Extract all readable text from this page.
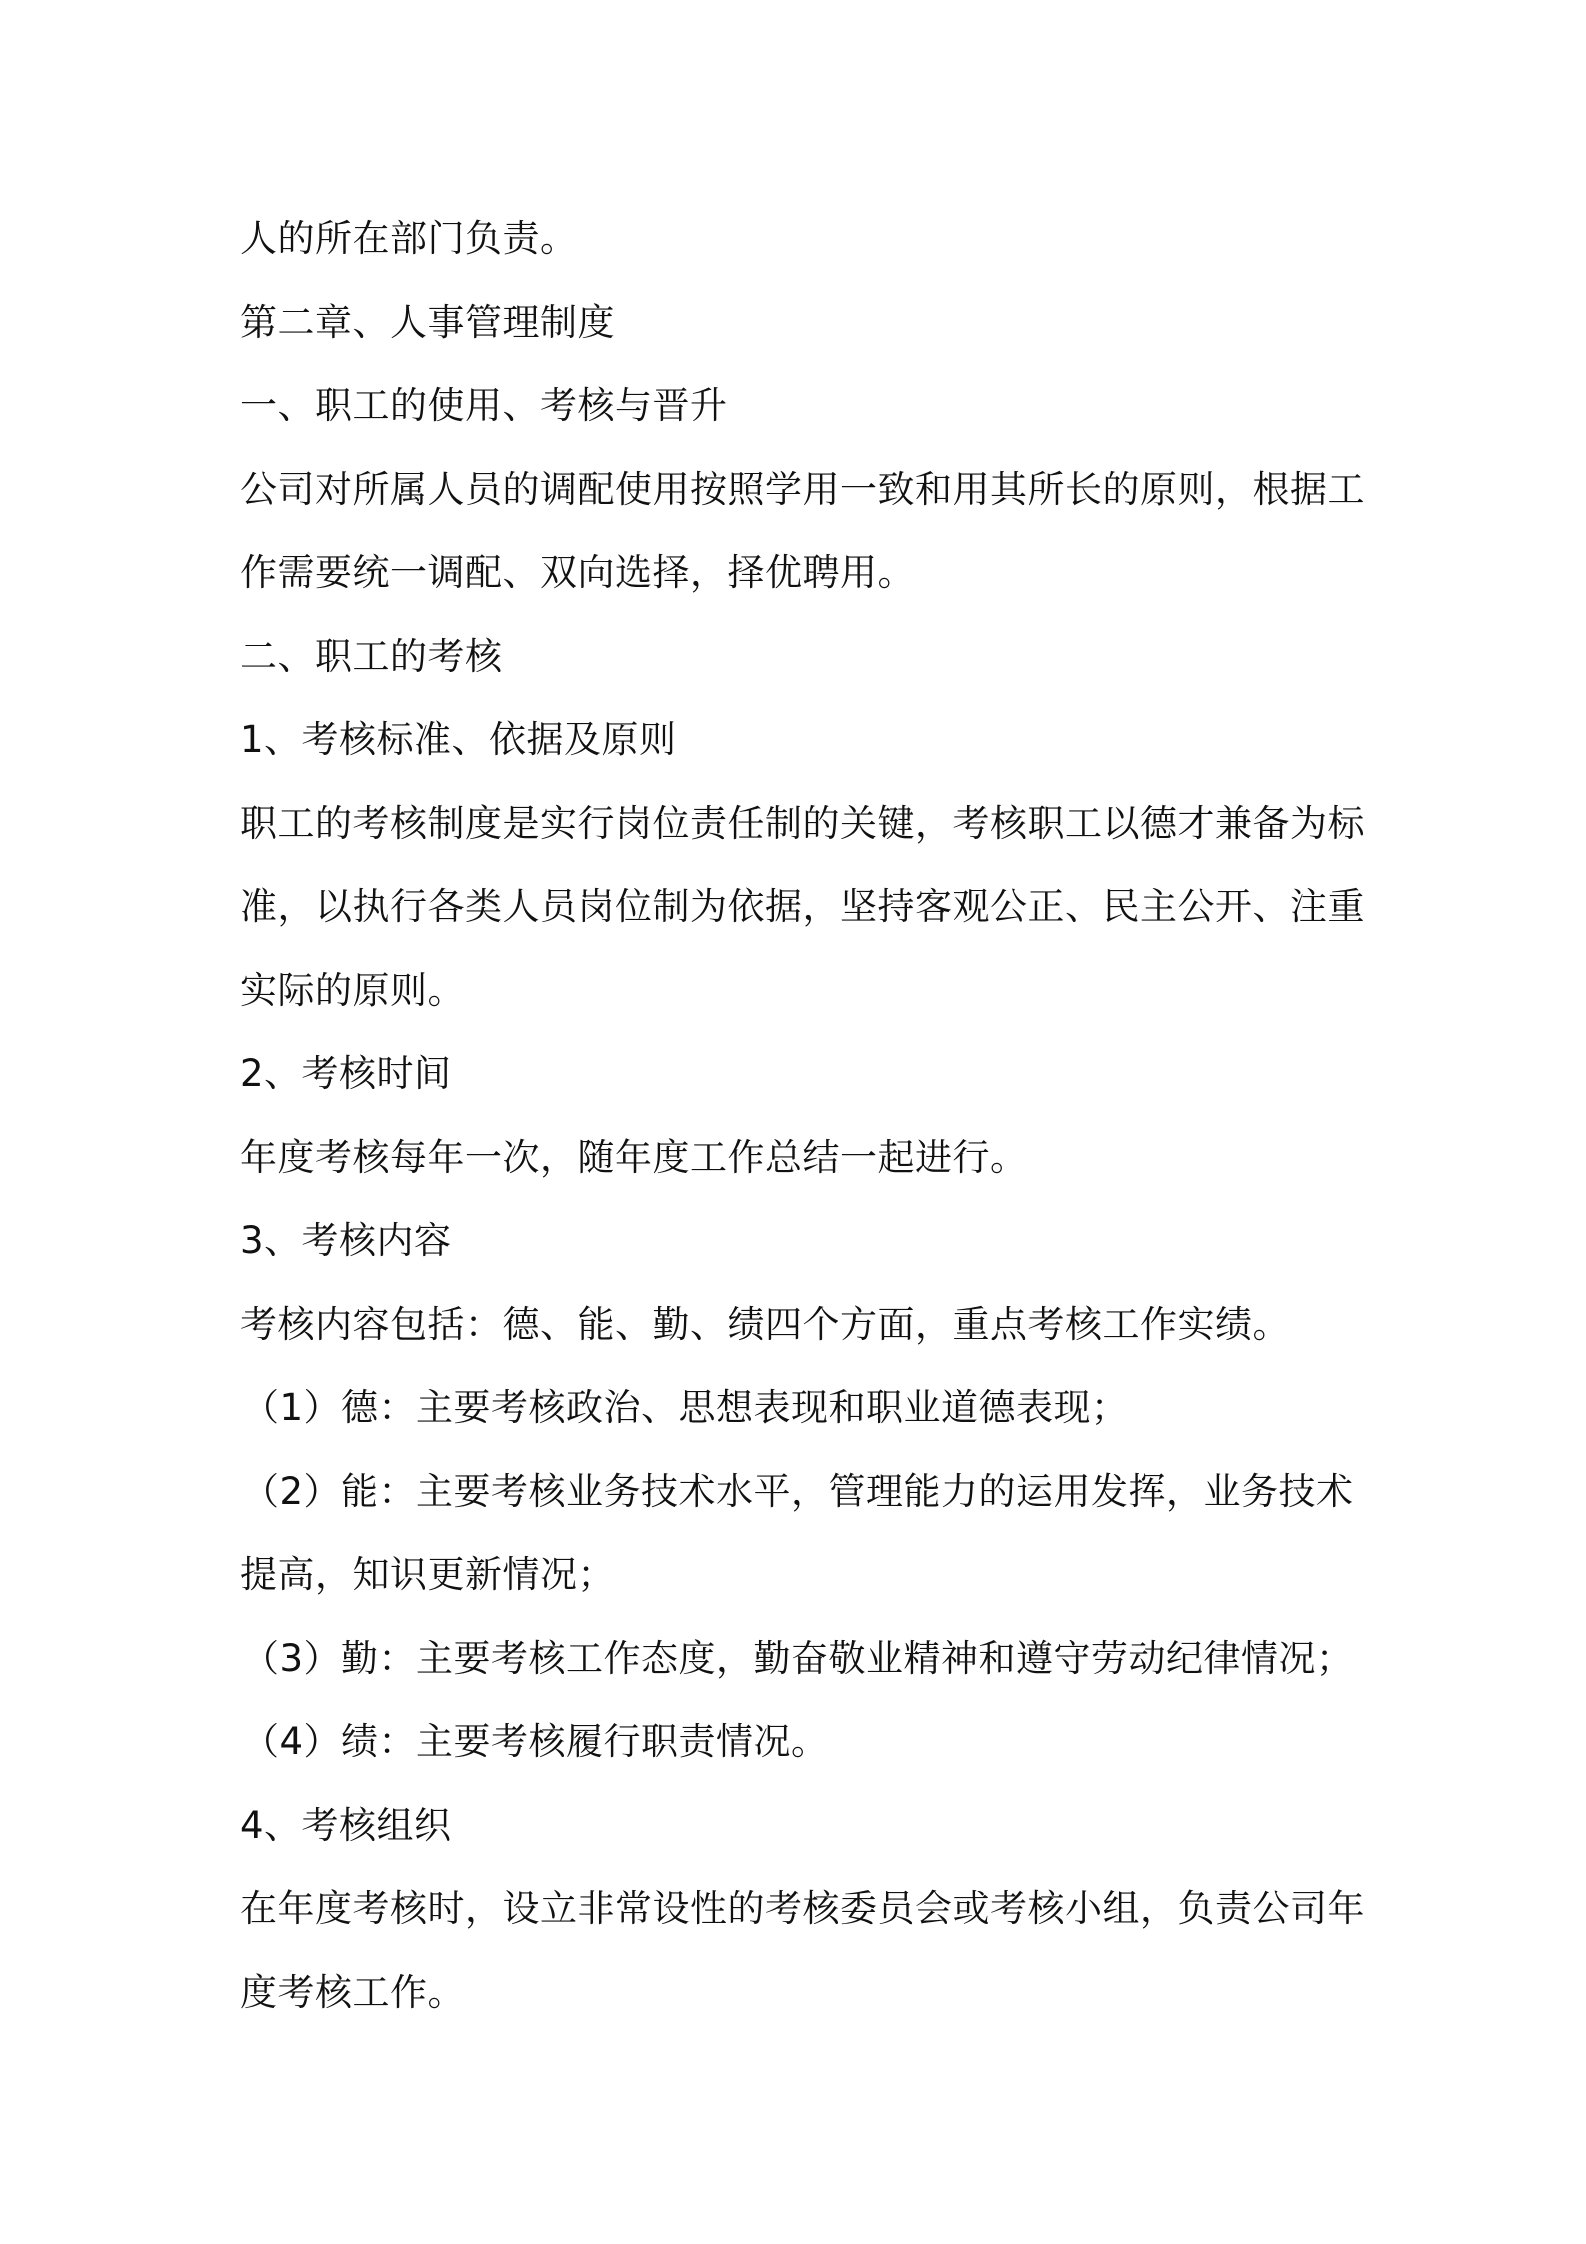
人的所在部门负责。
第二章、人事管理制度
一、职工的使用、考核与晋升
公司对所属人员的调配使用按照学用一致和用其所长的原则，根据工
作需要统一调配、双向选择，择优聘用。
二、职工的考核
1、考核标准、依据及原则
职工的考核制度是实行岗位责任制的关键，考核职工以德才兼备为标
准，以执行各类人员岗位制为依据，坚持客观公正、民主公开、注重
实际的原则。
2、考核时间
年度考核每年一次，随年度工作总结一起进行。
3、考核内容
考核内容包括：德、能、勤、绩四个方面，重点考核工作实绩。
（1）德：主要考核政治、思想表现和职业道德表现；
（2）能：主要考核业务技术水平，管理能力的运用发挥，业务技术
提高，知识更新情况；
（3）勤：主要考核工作态度，勤奋敬业精神和遵守劳动纪律情况；
（4）绩：主要考核履行职责情况。
4、考核组织
在年度考核时，设立非常设性的考核委员会或考核小组，负责公司年
度考核工作。
